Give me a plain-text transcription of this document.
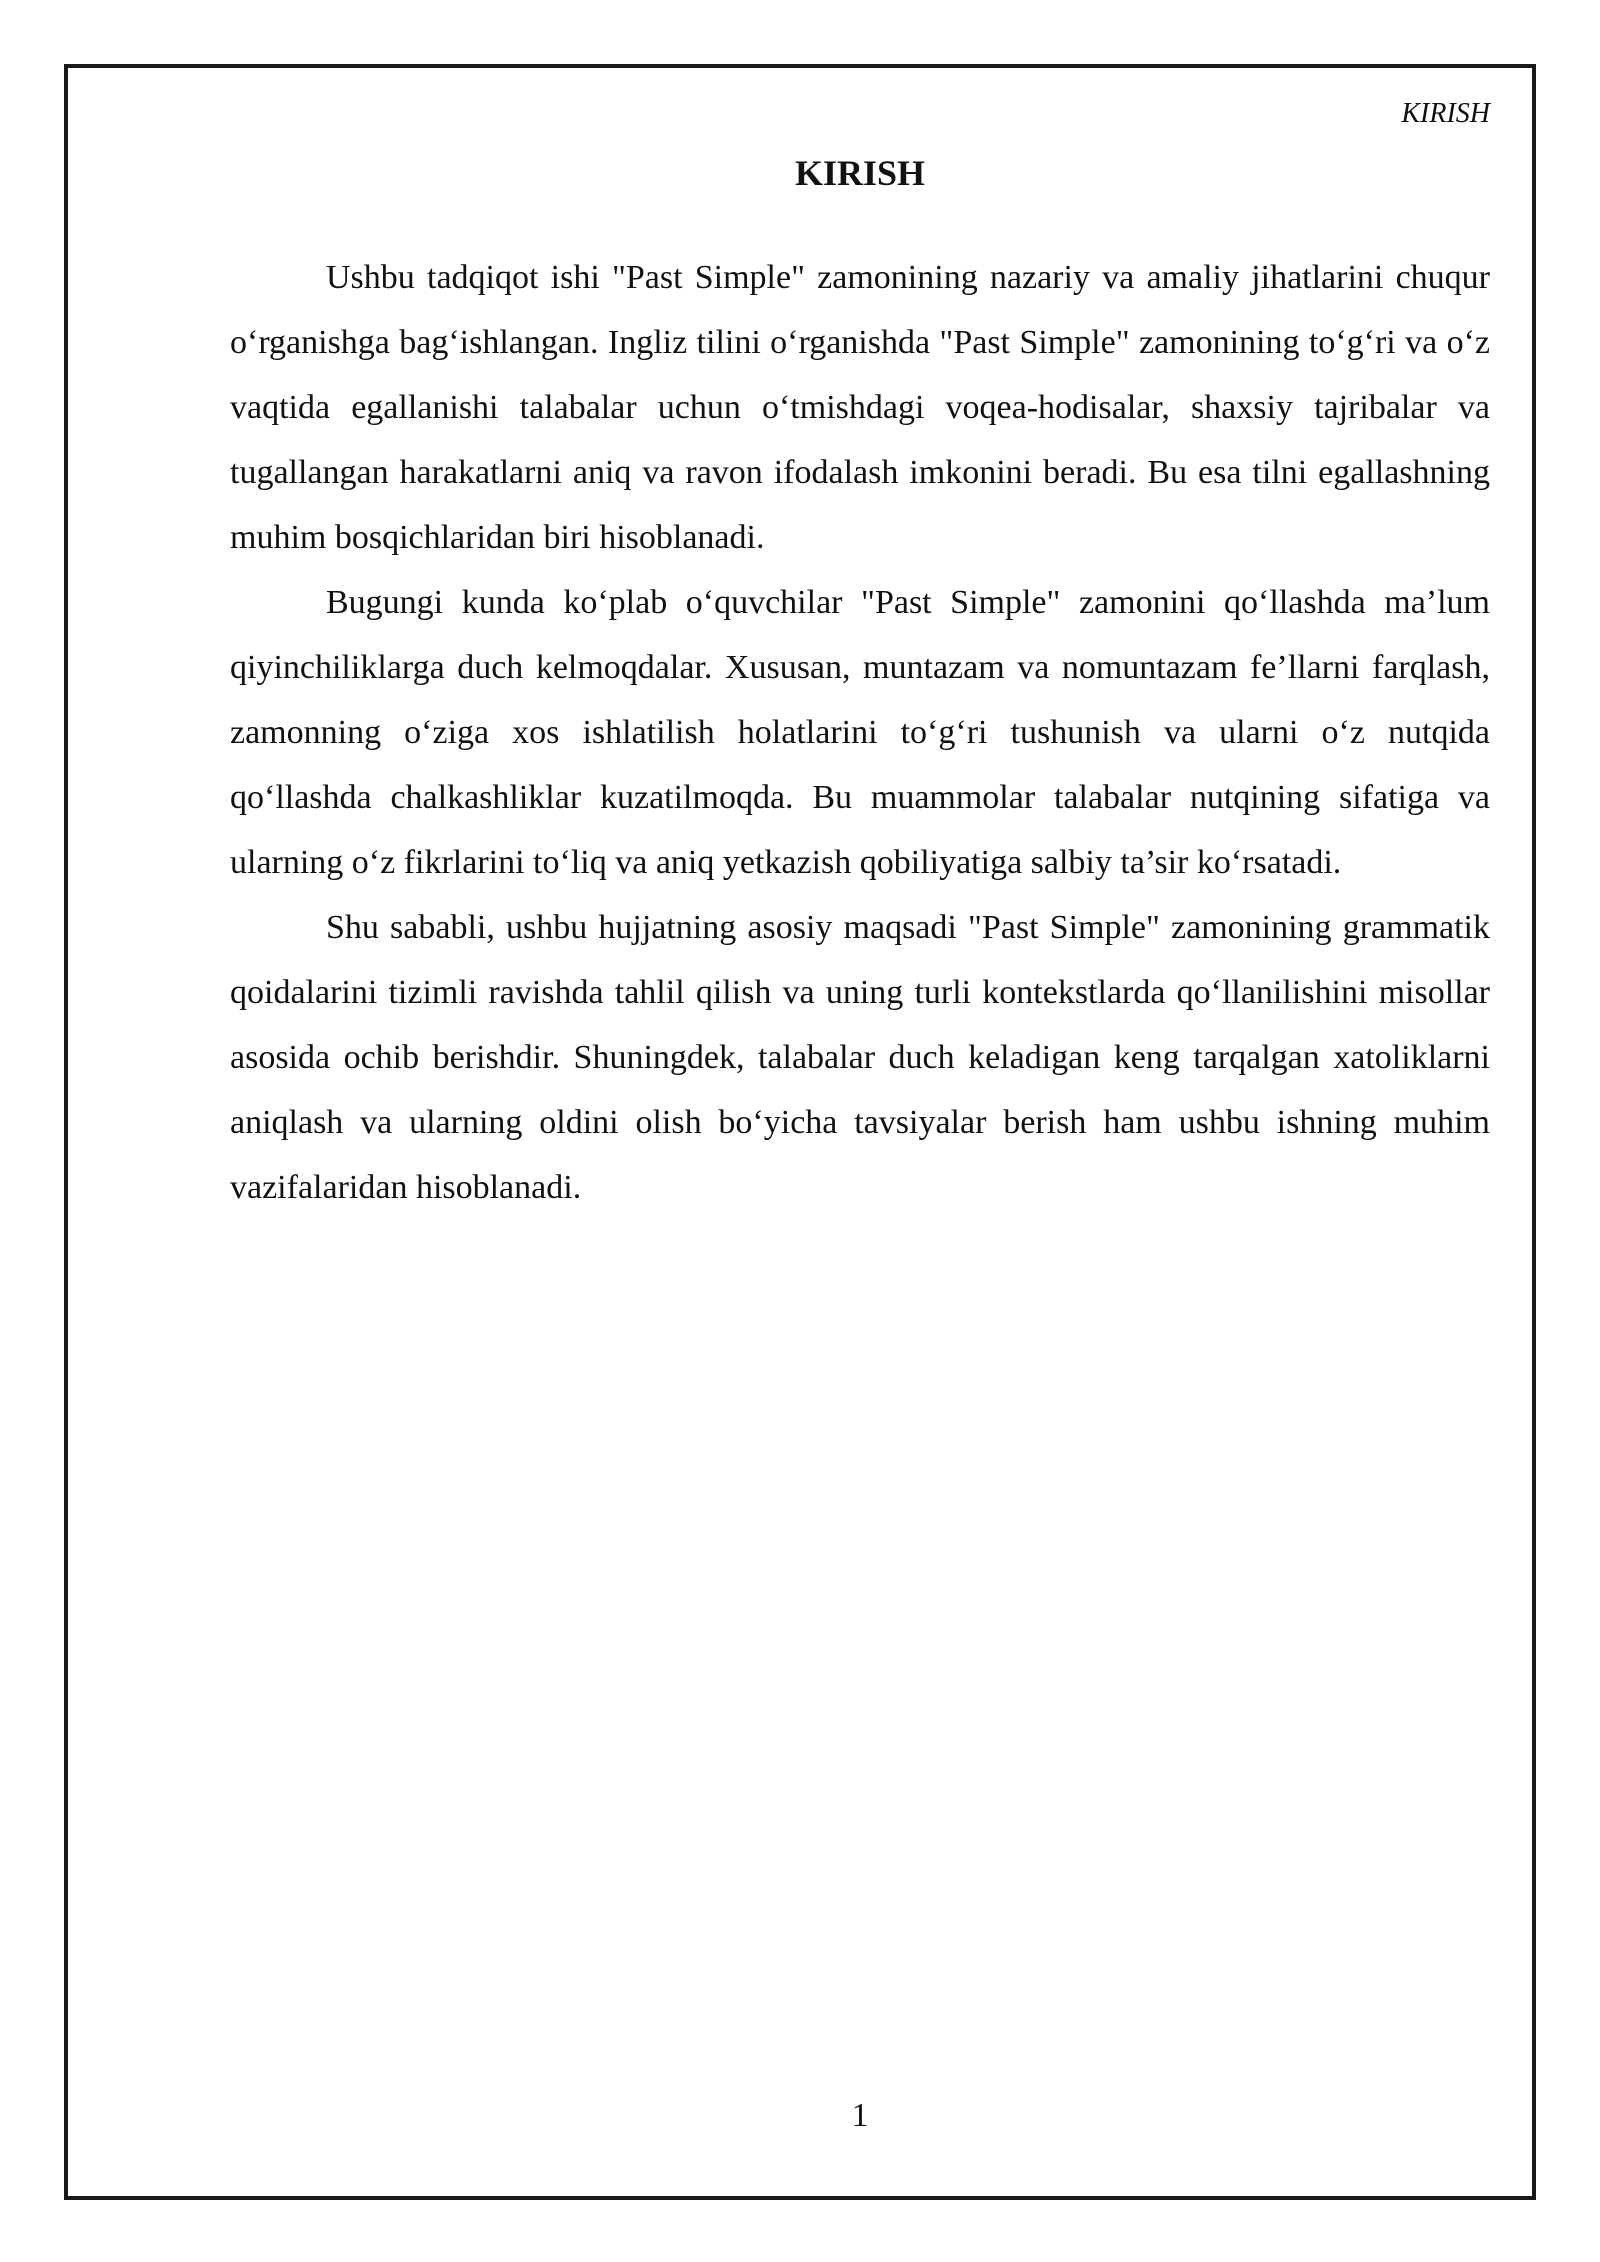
KIRISH
KIRISH

Ushbu tadqiqot ishi "Past Simple" zamonining nazariy va amaliy jihatlarini chuqur o‘rganishga bag‘ishlangan. Ingliz tilini o‘rganishda "Past Simple" zamonining to‘g‘ri va o‘z vaqtida egallanishi talabalar uchun o‘tmishdagi voqea-hodisalar, shaxsiy tajribalar va tugallangan harakatlarni aniq va ravon ifodalash imkonini beradi. Bu esa tilni egallashning muhim bosqichlaridan biri hisoblanadi.

Bugungi kunda ko‘plab o‘quvchilar "Past Simple" zamonini qo‘llashda ma’lum qiyinchiliklarga duch kelmoqdalar. Xususan, muntazam va nomuntazam fe’llarni farqlash, zamonning o‘ziga xos ishlatilish holatlarini to‘g‘ri tushunish va ularni o‘z nutqida qo‘llashda chalkashliklar kuzatilmoqda. Bu muammolar talabalar nutqining sifatiga va ularning o‘z fikrlarini to‘liq va aniq yetkazish qobiliyatiga salbiy ta’sir ko‘rsatadi.

Shu sababli, ushbu hujjatning asosiy maqsadi "Past Simple" zamonining grammatik qoidalarini tizimli ravishda tahlil qilish va uning turli kontekstlarda qo‘llanilishini misollar asosida ochib berishdir. Shuningdek, talabalar duch keladigan keng tarqalgan xatoliklarni aniqlash va ularning oldini olish bo‘yicha tavsiyalar berish ham ushbu ishning muhim vazifalaridan hisoblanadi.

1
